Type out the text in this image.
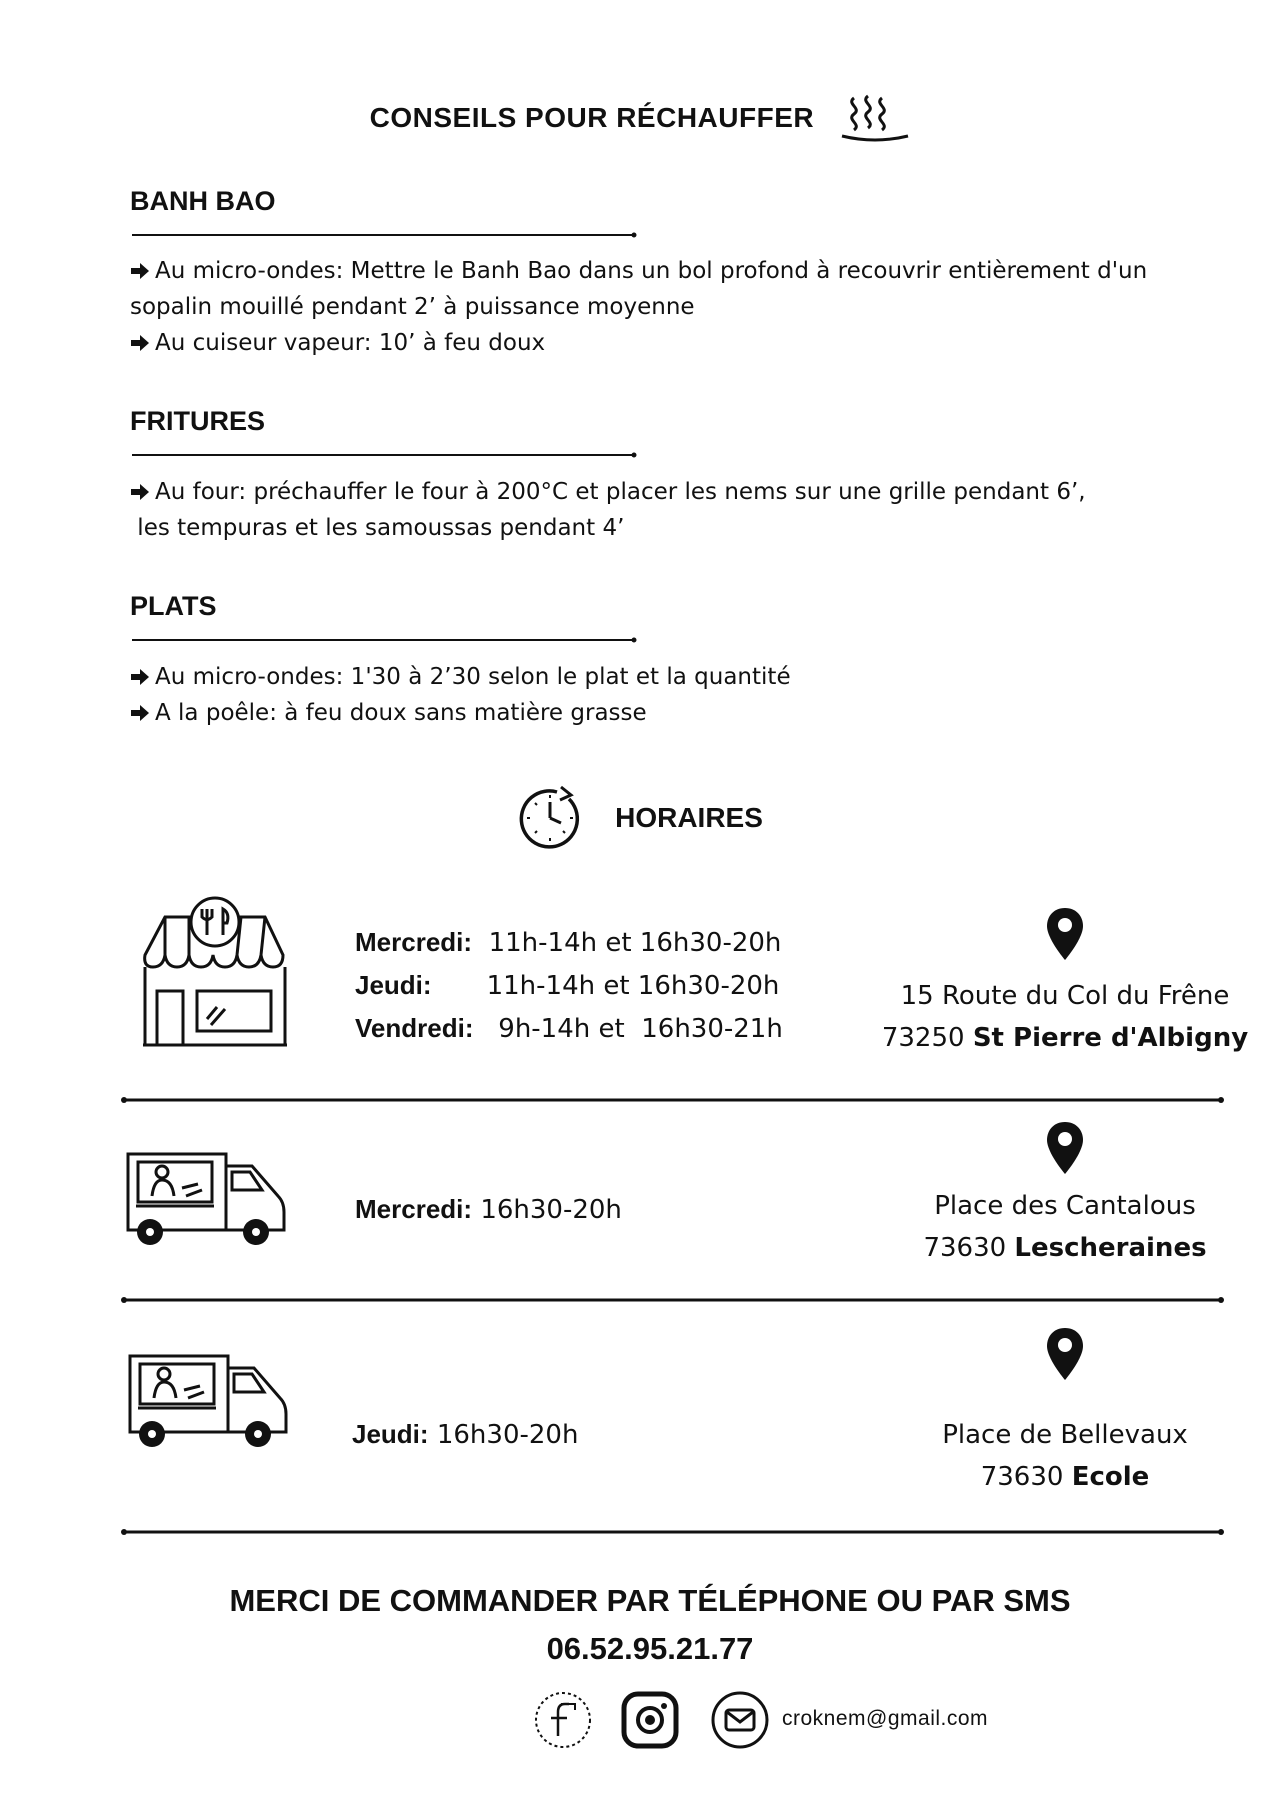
CONSEILS POUR RÉCHAUFFER
BANH BAO
Au micro-ondes: Mettre le Banh Bao dans un bol profond à recouvrir entièrement d'un
sopalin mouillé pendant 2’ à puissance moyenne
Au cuiseur vapeur: 10’ à feu doux
FRITURES
Au four: préchauffer le four à 200°C et placer les nems sur une grille pendant 6’,
les tempuras et les samoussas pendant 4’
PLATS
Au micro-ondes: 1'30 à 2’30 selon le plat et la quantité
A la poêle: à feu doux sans matière grasse
HORAIRES
Mercredi: 11h-14h et 16h30-20h
Jeudi: 11h-14h et 16h30-20h
Vendredi: 9h-14h et  16h30-21h
15 Route du Col du Frêne
73250 St Pierre d'Albigny
Mercredi: 16h30-20h	Place des Cantalous
73630 Lescheraines
Jeudi: 16h30-20h	Place de Bellevaux
73630 Ecole
MERCI DE COMMANDER PAR TÉLÉPHONE OU PAR SMS
06.52.95.21.77
croknem@gmail.com
